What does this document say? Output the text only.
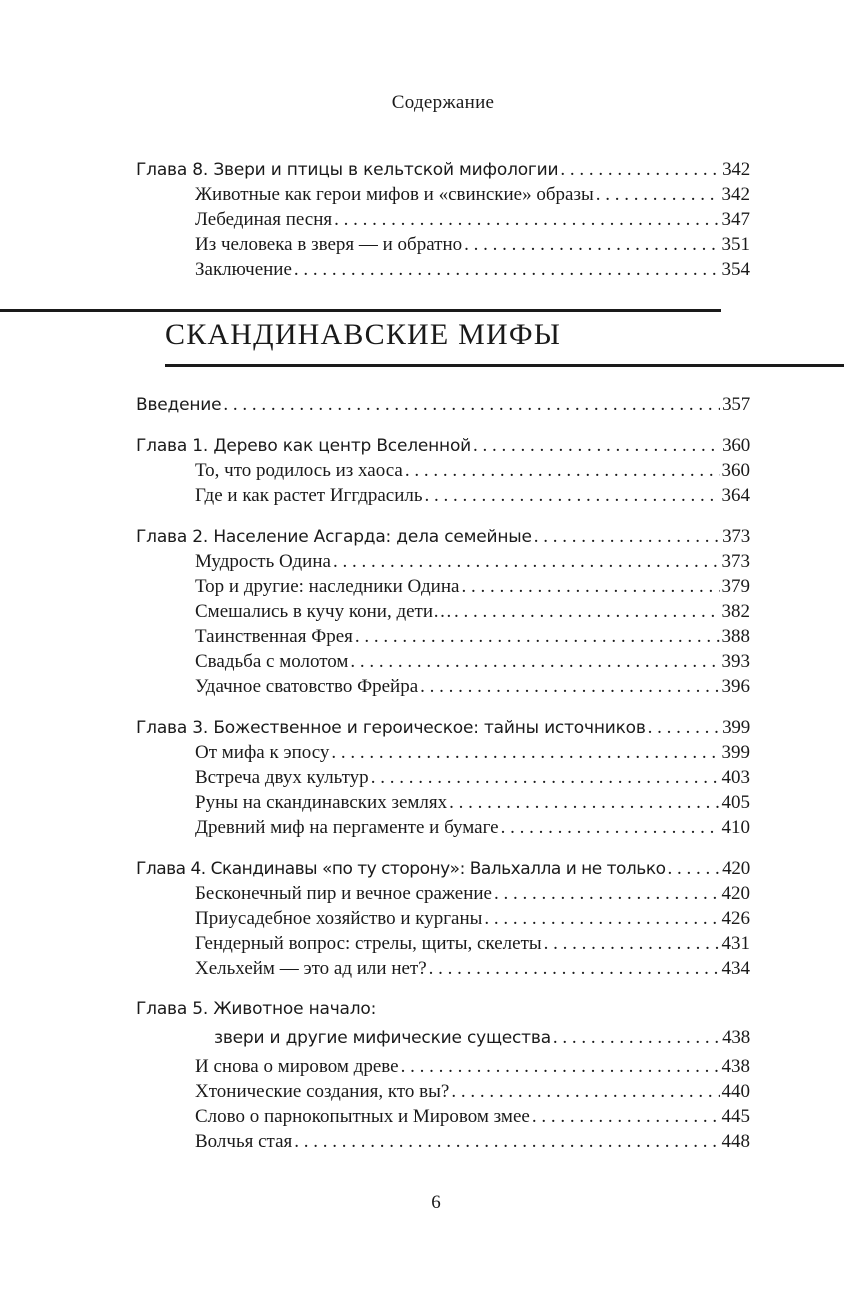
Содержание
Глава 8. Звери и птицы в кельтской мифологии . . .	342
Животные как герои мифов и «свинские» образы . . .	342
Лебединая песня . . .	347
Из человека в зверя — и обратно . . .	351
Заключение . . .	354
СКАНДИНАВСКИЕ МИФЫ
Введение . . .	357
Глава 1. Дерево как центр Вселенной . . .	360
То, что родилось из хаоса . . .	360
Где и как растет Иггдрасиль . . .	364
Глава 2. Население Асгарда: дела семейные . . .	373
Мудрость Одина . . .	373
Тор и другие: наследники Одина . . .	379
Смешались в кучу кони, дети… . . .	382
Таинственная Фрея . . .	388
Свадьба с молотом . . .	393
Удачное сватовство Фрейра . . .	396
Глава 3. Божественное и героическое: тайны источников . . .	399
От мифа к эпосу . . .	399
Встреча двух культур . . .	403
Руны на скандинавских землях . . .	405
Древний миф на пергаменте и бумаге . . .	410
Глава 4. Скандинавы «по ту сторону»: Вальхалла и не только . . .	420
Бесконечный пир и вечное сражение . . .	420
Приусадебное хозяйство и курганы . . .	426
Гендерный вопрос: стрелы, щиты, скелеты . . .	431
Хельхейм — это ад или нет? . . .	434
Глава 5. Животное начало:
звери и другие мифические существа . . .	438
И снова о мировом древе . . .	438
Хтонические создания, кто вы? . . .	440
Слово о парнокопытных и Мировом змее . . .	445
Волчья стая . . .	448
6
